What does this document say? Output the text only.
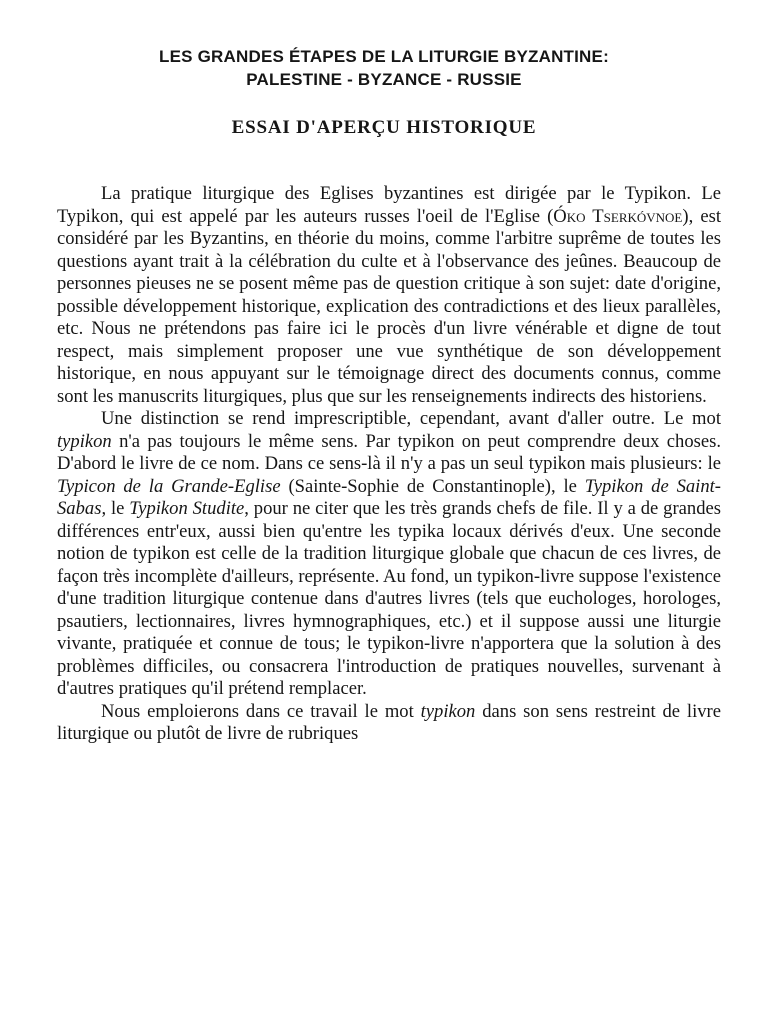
LES GRANDES ÉTAPES DE LA LITURGIE BYZANTINE:
PALESTINE - BYZANCE - RUSSIE
ESSAI D'APERÇU HISTORIQUE

La pratique liturgique des Eglises byzantines est dirigée par le Typikon. Le Typikon, qui est appelé par les auteurs russes l'oeil de l'Eglise (Óko Tserkóvnoe), est considéré par les Byzantins, en théorie du moins, comme l'arbitre suprême de toutes les questions ayant trait à la célébration du culte et à l'observance des jeûnes. Beaucoup de personnes pieuses ne se posent même pas de question critique à son sujet: date d'origine, possible développement historique, explication des contradictions et des lieux parallèles, etc. Nous ne prétendons pas faire ici le procès d'un livre vénérable et digne de tout respect, mais simplement proposer une vue synthétique de son développement historique, en nous appuyant sur le témoignage direct des documents connus, comme sont les manuscrits liturgiques, plus que sur les renseignements indirects des historiens.

Une distinction se rend imprescriptible, cependant, avant d'aller outre. Le mot typikon n'a pas toujours le même sens. Par typikon on peut comprendre deux choses. D'abord le livre de ce nom. Dans ce sens-là il n'y a pas un seul typikon mais plusieurs: le Typicon de la Grande-Eglise (Sainte-Sophie de Constantinople), le Typikon de Saint-Sabas, le Typikon Studite, pour ne citer que les très grands chefs de file. Il y a de grandes différences entr'eux, aussi bien qu'entre les typika locaux dérivés d'eux. Une seconde notion de typikon est celle de la tradition liturgique globale que chacun de ces livres, de façon très incomplète d'ailleurs, représente. Au fond, un typikon-livre suppose l'existence d'une tradition liturgique contenue dans d'autres livres (tels que euchologes, horologes, psautiers, lectionnaires, livres hymnographiques, etc.) et il suppose aussi une liturgie vivante, pratiquée et connue de tous; le typikon-livre n'apportera que la solution à des problèmes difficiles, ou consacrera l'introduction de pratiques nouvelles, survenant à d'autres pratiques qu'il prétend remplacer.

Nous emploierons dans ce travail le mot typikon dans son sens restreint de livre liturgique ou plutôt de livre de rubriques
